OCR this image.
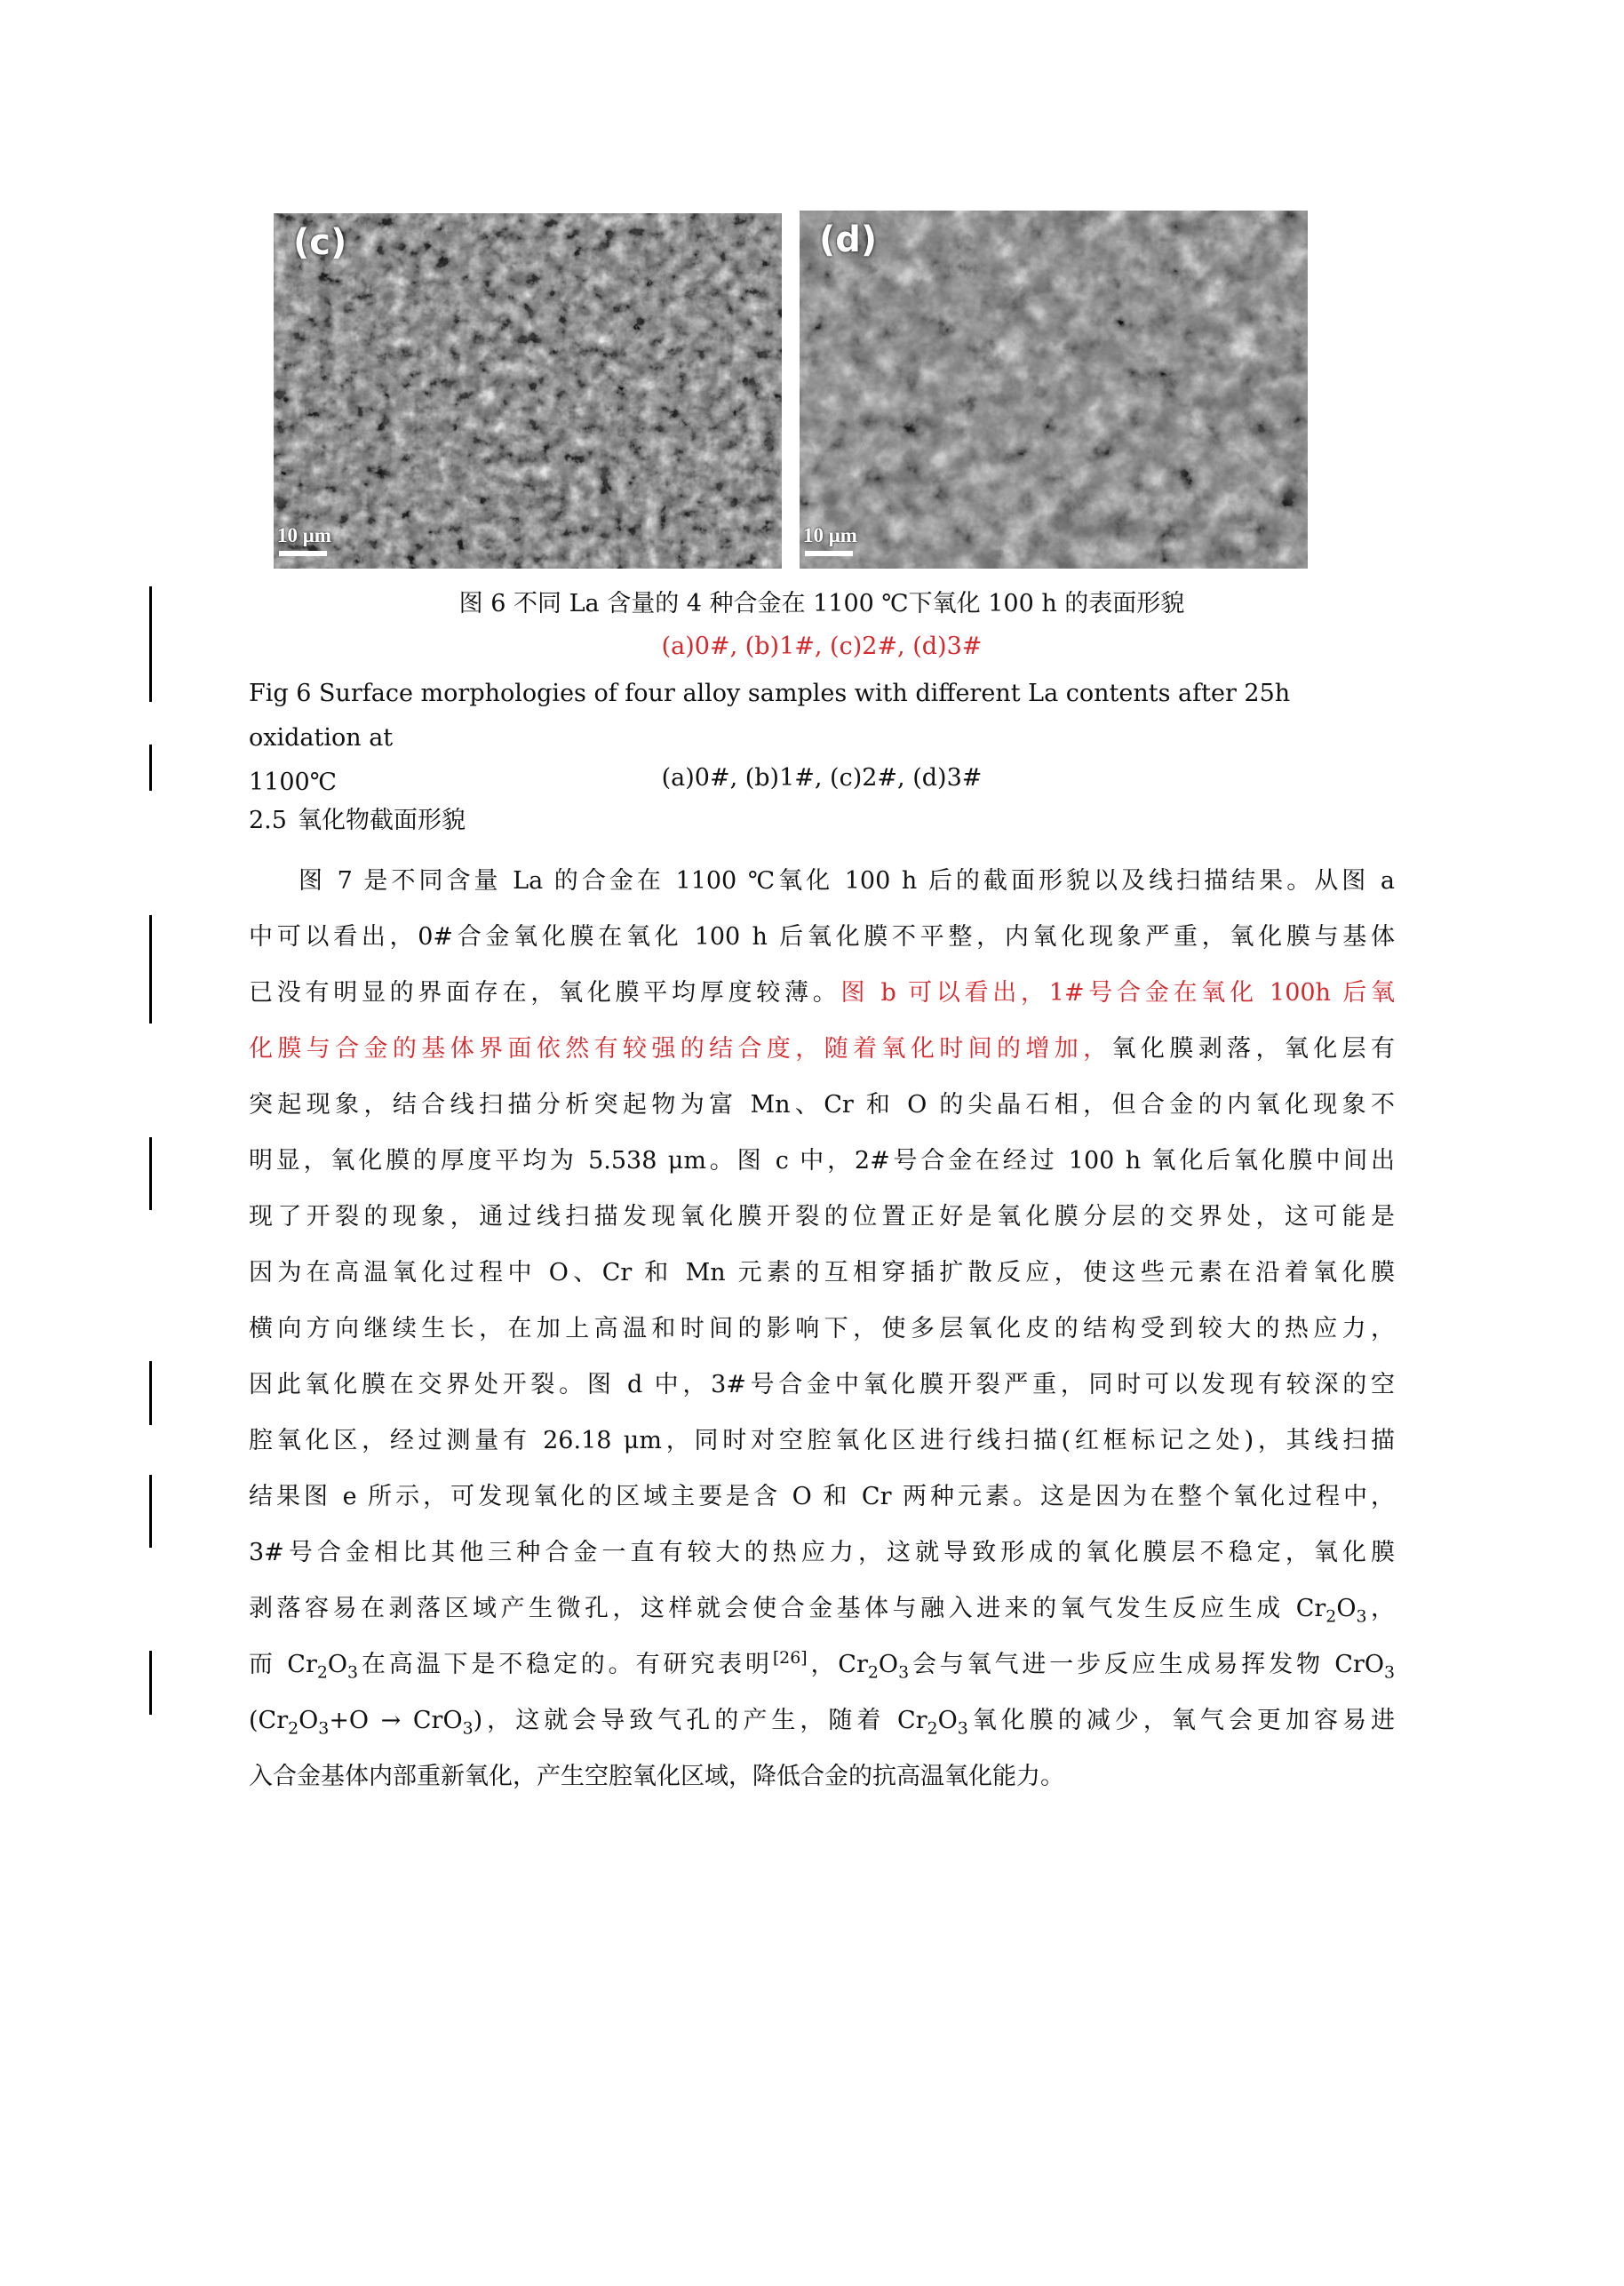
(c)
10 μm
(d)
10 μm
图 6 不同 La 含量的 4 种合金在 1100 ℃下氧化 100 h 的表面形貌
(a)0#, (b)1#, (c)2#, (d)3#
Fig 6 Surface morphologies of four alloy samples with different La contents after 25h oxidation at
1100℃	(a)0#, (b)1#, (c)2#, (d)3#
2.5 氧化物截面形貌
图 7 是不同含量 La 的合金在 1100 ℃氧化 100 h 后的截面形貌以及线扫描结果。从图 a
中可以看出，0#合金氧化膜在氧化 100 h 后氧化膜不平整，内氧化现象严重，氧化膜与基体
已没有明显的界面存在，氧化膜平均厚度较薄。图 b 可以看出，1#号合金在氧化 100h 后氧
化膜与合金的基体界面依然有较强的结合度，随着氧化时间的增加，氧化膜剥落，氧化层有
突起现象，结合线扫描分析突起物为富 Mn、Cr 和 O 的尖晶石相，但合金的内氧化现象不
明显，氧化膜的厚度平均为 5.538 μm。图 c 中，2#号合金在经过 100 h 氧化后氧化膜中间出
现了开裂的现象，通过线扫描发现氧化膜开裂的位置正好是氧化膜分层的交界处，这可能是
因为在高温氧化过程中 O、Cr 和 Mn 元素的互相穿插扩散反应，使这些元素在沿着氧化膜
横向方向继续生长，在加上高温和时间的影响下，使多层氧化皮的结构受到较大的热应力，
因此氧化膜在交界处开裂。图 d 中，3#号合金中氧化膜开裂严重，同时可以发现有较深的空
腔氧化区，经过测量有 26.18 μm，同时对空腔氧化区进行线扫描(红框标记之处)，其线扫描
结果图 e 所示，可发现氧化的区域主要是含 O 和 Cr 两种元素。这是因为在整个氧化过程中，
3#号合金相比其他三种合金一直有较大的热应力，这就导致形成的氧化膜层不稳定，氧化膜
剥落容易在剥落区域产生微孔，这样就会使合金基体与融入进来的氧气发生反应生成 $Cr_2O_3$，
而 $Cr_2O_3$在高温下是不稳定的。有研究表明[26]，$Cr_2O_3$会与氧气进一步反应生成易挥发物 CrO$_3$
$(Cr_2O_3+O \to CrO_3)$，这就会导致气孔的产生，随着 $Cr_2O_3$氧化膜的减少，氧气会更加容易进
入合金基体内部重新氧化，产生空腔氧化区域，降低合金的抗高温氧化能力。
